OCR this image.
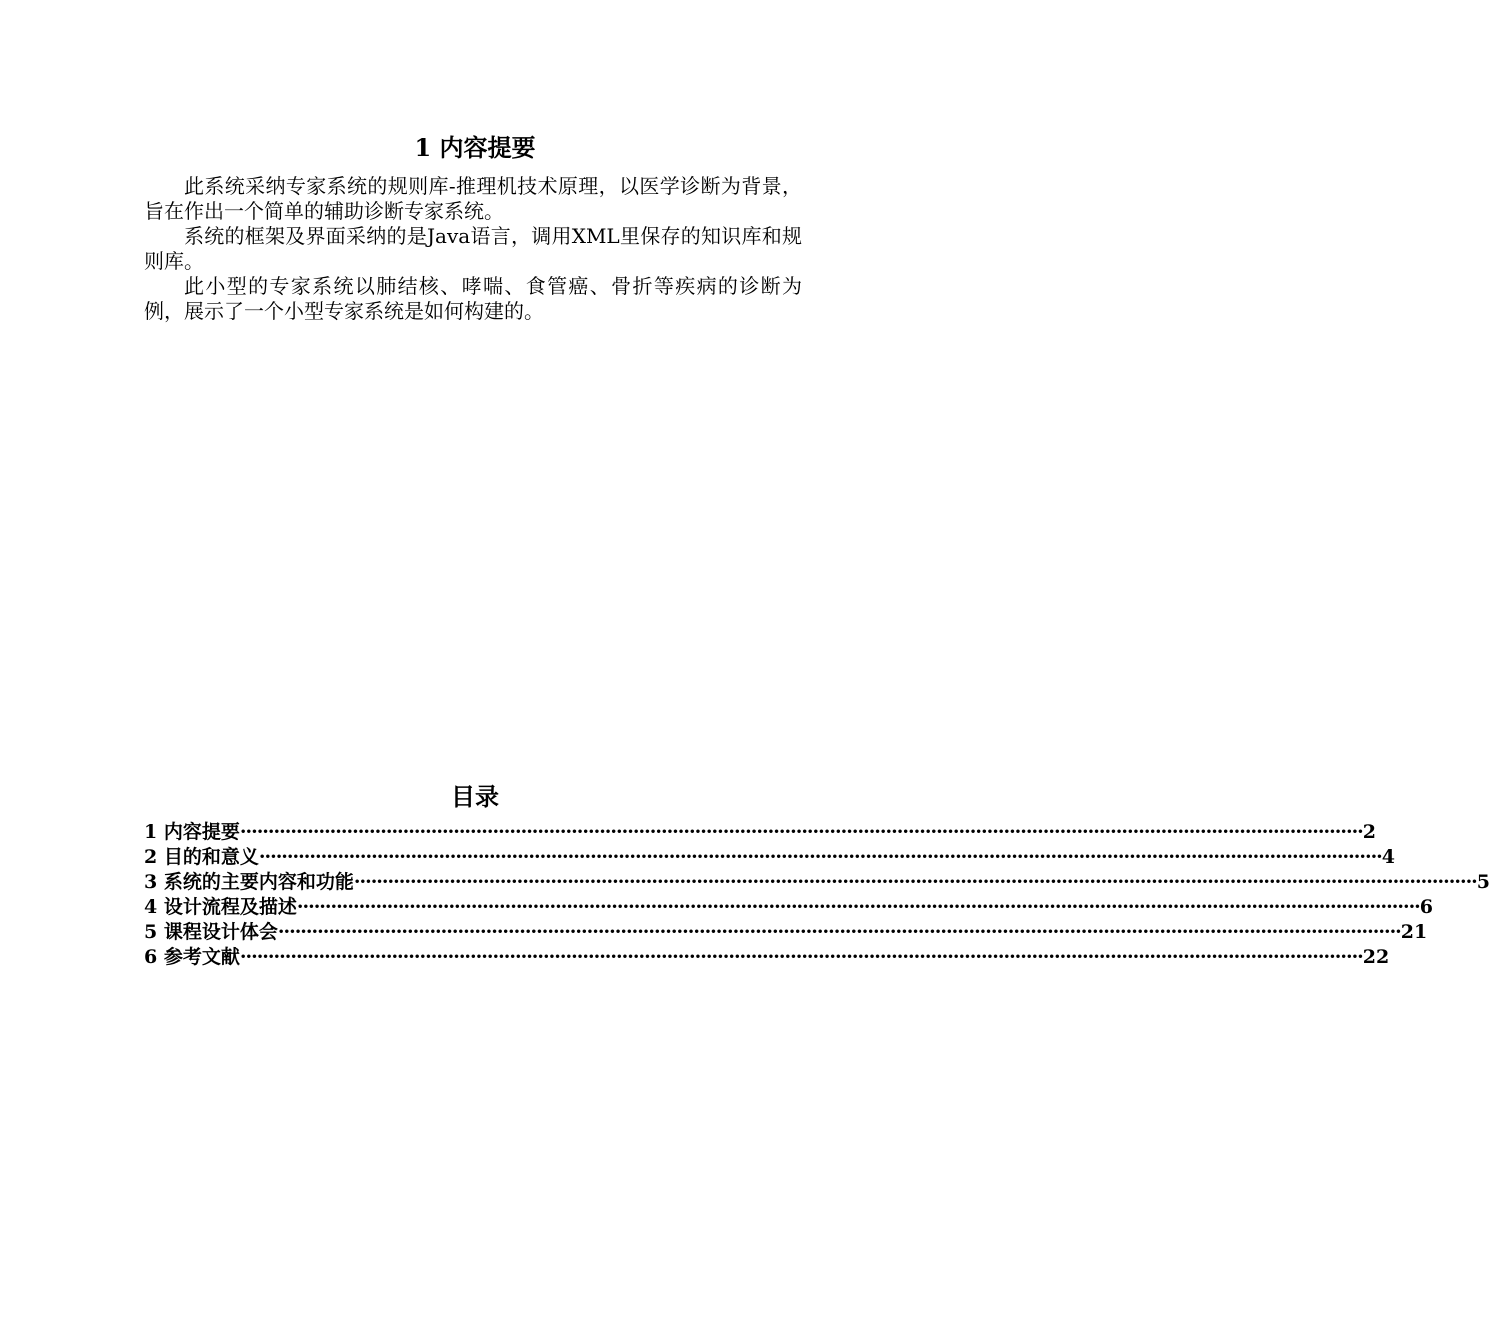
1 内容提要

此系统采纳专家系统的规则库-推理机技术原理，以医学诊断为背景，旨在作出一个简单的辅助诊断专家系统。

系统的框架及界面采纳的是Java语言，调用XML里保存的知识库和规则库。

此小型的专家系统以肺结核、哮喘、食管癌、骨折等疾病的诊断为例，展示了一个小型专家系统是如何构建的。

目录
1 内容提要 ········································································································································································································ 2
2 目的和意义 ········································································································································································································ 4
3 系统的主要内容和功能 ········································································································································································································ 5
4 设计流程及描述 ········································································································································································································ 6
5 课程设计体会 ········································································································································································································ 21
6 参考文献 ········································································································································································································ 22
